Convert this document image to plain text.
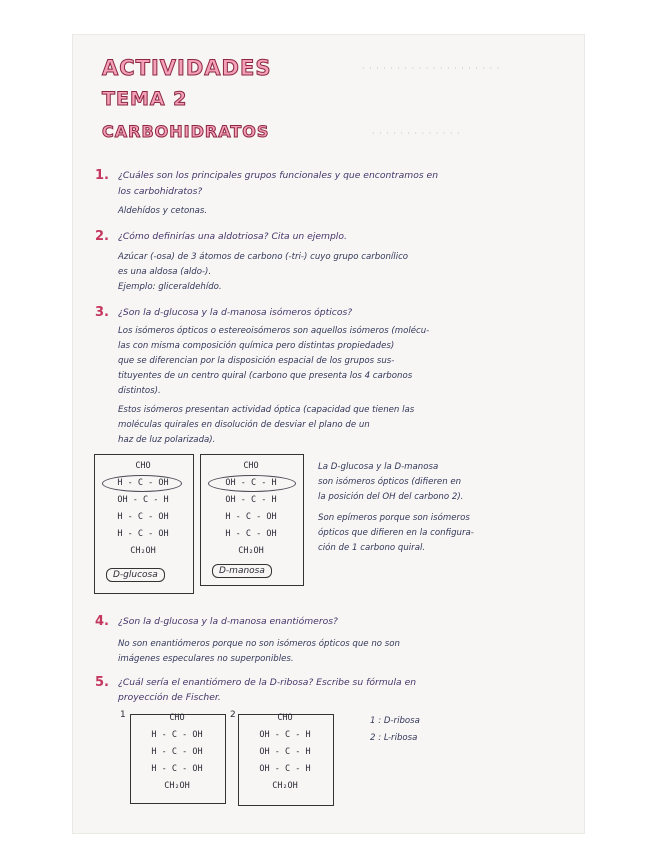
· · · · · · · · · · · · · · · · · · · ·
· · · · · · · · · · · · ·
ACTIVIDADES
TEMA 2
CARBOHIDRATOS
1. ¿Cuáles son los principales grupos funcionales y que encontramos en
los carbohidratos?
Aldehídos y cetonas.
2. ¿Cómo definirías una aldotriosa? Cita un ejemplo.
Azúcar (-osa) de 3 átomos de carbono (-tri-) cuyo grupo carbonílico
es una aldosa (aldo-).
Ejemplo: gliceraldehído.
3. ¿Son la d-glucosa y la d-manosa isómeros ópticos?
Los isómeros ópticos o estereoisómeros son aquellos isómeros (molécu-
las con misma composición química pero distintas propiedades)
que se diferencian por la disposición espacial de los grupos sus-
tituyentes de un centro quiral (carbono que presenta los 4 carbonos
distintos).
Estos isómeros presentan actividad óptica (capacidad que tienen las
moléculas quirales en disolución de desviar el plano de un
haz de luz polarizada).
CHO
H - C - OH
OH - C - H
H - C - OH
H - C - OH
CH₂OH
D-glucosa
CHO
OH - C - H
OH - C - H
H - C - OH
H - C - OH
CH₂OH
D-manosa
La D-glucosa y la D-manosa
son isómeros ópticos (difieren en
la posición del OH del carbono 2).
Son epímeros porque son isómeros
ópticos que difieren en la configura-
ción de 1 carbono quiral.
4. ¿Son la d-glucosa y la d-manosa enantiómeros?
No son enantiómeros porque no son isómeros ópticos que no son
imágenes especulares no superponibles.
5. ¿Cuál sería el enantiómero de la D-ribosa? Escribe su fórmula en
proyección de Fischer.
1	CHO
H - C - OH
H - C - OH
H - C - OH
CH₂OH
2	CHO
OH - C - H
OH - C - H
OH - C - H
CH₂OH
1 : D-ribosa
2 : L-ribosa
